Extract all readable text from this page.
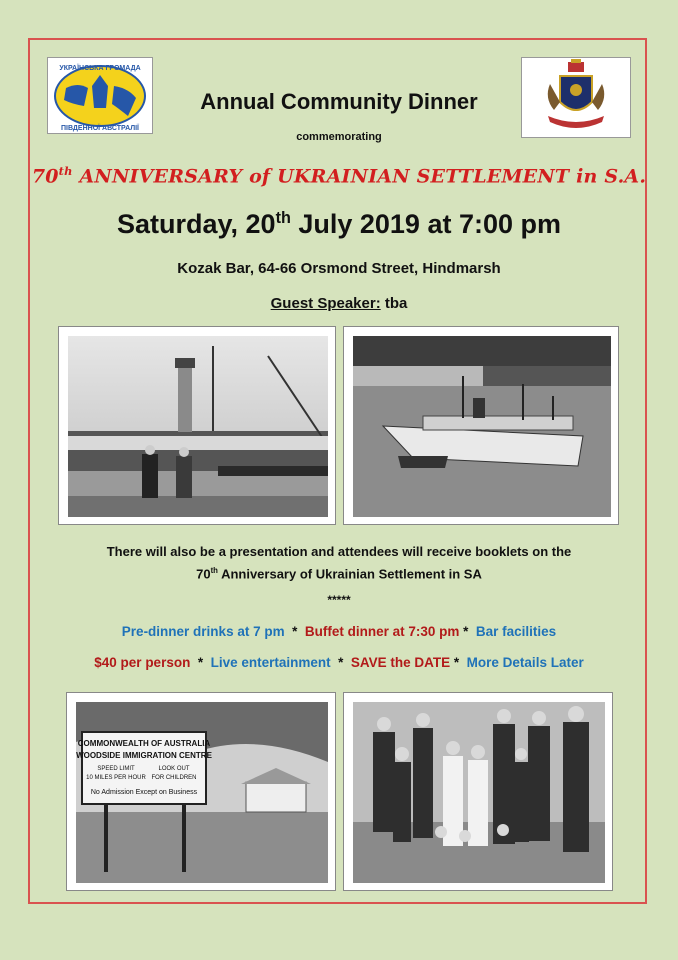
УКРАЇНСЬКА ГРОМАДА
ПІВДЕННОЇ АВСТРАЛІЇ
Annual Community Dinner
commemorating
70th ANNIVERSARY of UKRAINIAN SETTLEMENT in S.A.
Saturday, 20th July 2019 at 7:00 pm
Kozak Bar, 64-66 Orsmond Street, Hindmarsh
Guest Speaker: tba
There will also be a presentation and attendees will receive booklets on the
70th Anniversary of Ukrainian Settlement in SA
*****
Pre-dinner drinks at 7 pm  *  Buffet dinner at 7:30 pm *  Bar facilities
$40 per person  *  Live entertainment  *  SAVE the DATE *  More Details Later
COMMONWEALTH OF AUSTRALIA
WOODSIDE IMMIGRATION CENTRE
SPEED LIMIT	LOOK OUT
10 MILES PER HOUR FOR CHILDREN
No Admission Except on Business
